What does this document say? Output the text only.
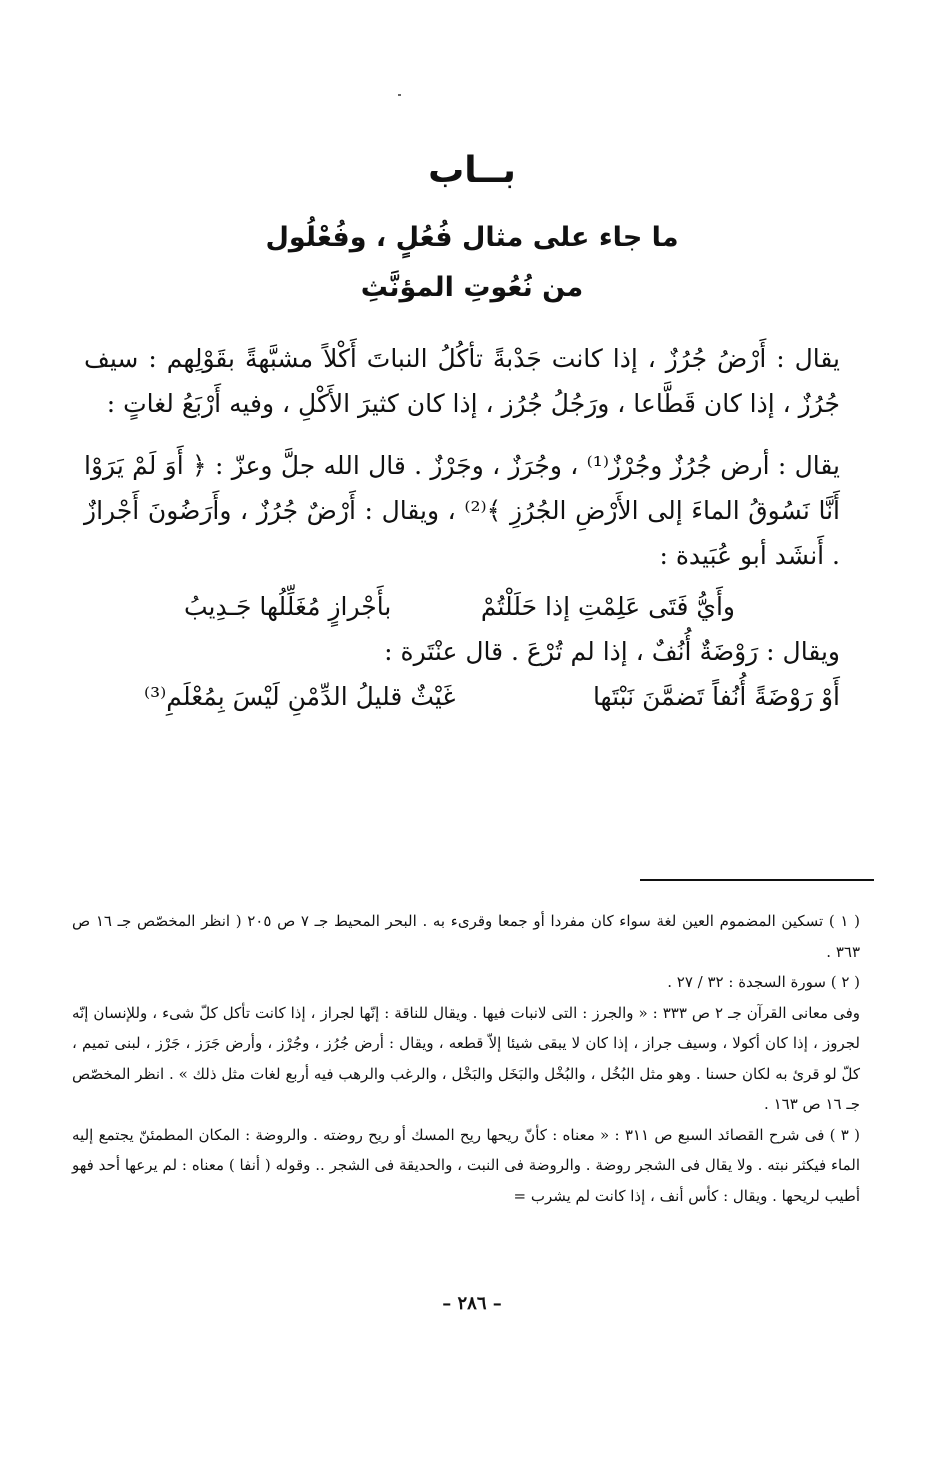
بــاب
ما جاء على مثال فُعُلٍ ، وفُعْلُول
من نُعُوتِ المؤنَّثِ

يقال : أَرْضُ جُرُزٌ ، إذا كانت جَدْبةً تأكُلُ النباتَ أَكْلاً مشبَّهةً بقَوْلِهم : سيف جُرُزٌ ، إذا كان قَطَّاعا ، ورَجُلُ جُرُز ، إذا كان كثيرَ الأَكْلِ ، وفيه أَرْبَعُ لغاتٍ :

يقال : أرض جُرُزٌ وجُرْزٌ⁽¹⁾ ، وجُرَزٌ ، وجَرْزٌ . قال الله جلَّ وعزّ : ﴿ أَوَ لَمْ يَرَوْا أَنَّا نَسُوقُ الماءَ إلى الأَرْضِ الجُرُزِ ﴾⁽²⁾ ، ويقال : أَرْضٌ جُرُزٌ ، وأَرَضُونَ أَجْرازٌ . أَنشَد أبو عُبَيدة :

وأَيُّ فَتَى عَلِمْتِ إذا حَلَلْتُمْ
بأَجْرازٍ مُغَلِّلُها جَـدِيبُ

ويقال : رَوْضَةٌ أُنُفٌ ، إذا لم تُرْعَ . قال عنْتَرة :

أَوْ رَوْضَةً أُنُفاً تَضمَّنَ نَبْتَها
غَيْثٌ قليلُ الدِّمْنِ لَيْسَ بِمُعْلَمِ⁽³⁾

( ١ ) تسكين المضموم العين لغة سواء كان مفردا أو جمعا وقرىء به . البحر المحيط جـ ٧ ص ٢٠٥ ( انظر المخصّص جـ ١٦ ص ٣٦٣ .

( ٢ ) سورة السجدة : ٣٢ / ٢٧ .

وفى معانى القرآن جـ ٢ ص ٣٣٣ : « والجرز : التى لانبات فيها . ويقال للناقة : إنّها لجراز ، إذا كانت تأكل كلّ شىء ، وللإنسان إنّه لجروز ، إذا كان أكولا ، وسيف جراز ، إذا كان لا يبقى شيئا إلاّ قطعه ، ويقال : أرض جُرُز ، وجُرْز ، وأرض جَرَز ، جَرْز ، لبنى تميم ، كلّ لو قرئ به لكان حسنا . وهو مثل البُخُل ، والبُخْل والبَخَل والبَخْل ، والرغب والرهب فيه أربع لغات مثل ذلك » . انظر المخصّص جـ ١٦ ص ١٦٣ .

( ٣ ) فى شرح القصائد السبع ص ٣١١ : « معناه : كأنّ ريحها ريح المسك أو ريح روضته . والروضة : المكان المطمئنّ يجتمع إليه الماء فيكثر نبته . ولا يقال فى الشجر روضة . والروضة فى النبت ، والحديقة فى الشجر .. وقوله ( أنفا ) معناه : لم يرعها أحد فهو أطيب لريحها . ويقال : كأس أنف ، إذا كانت لم يشرب =

– ٢٨٦ –
